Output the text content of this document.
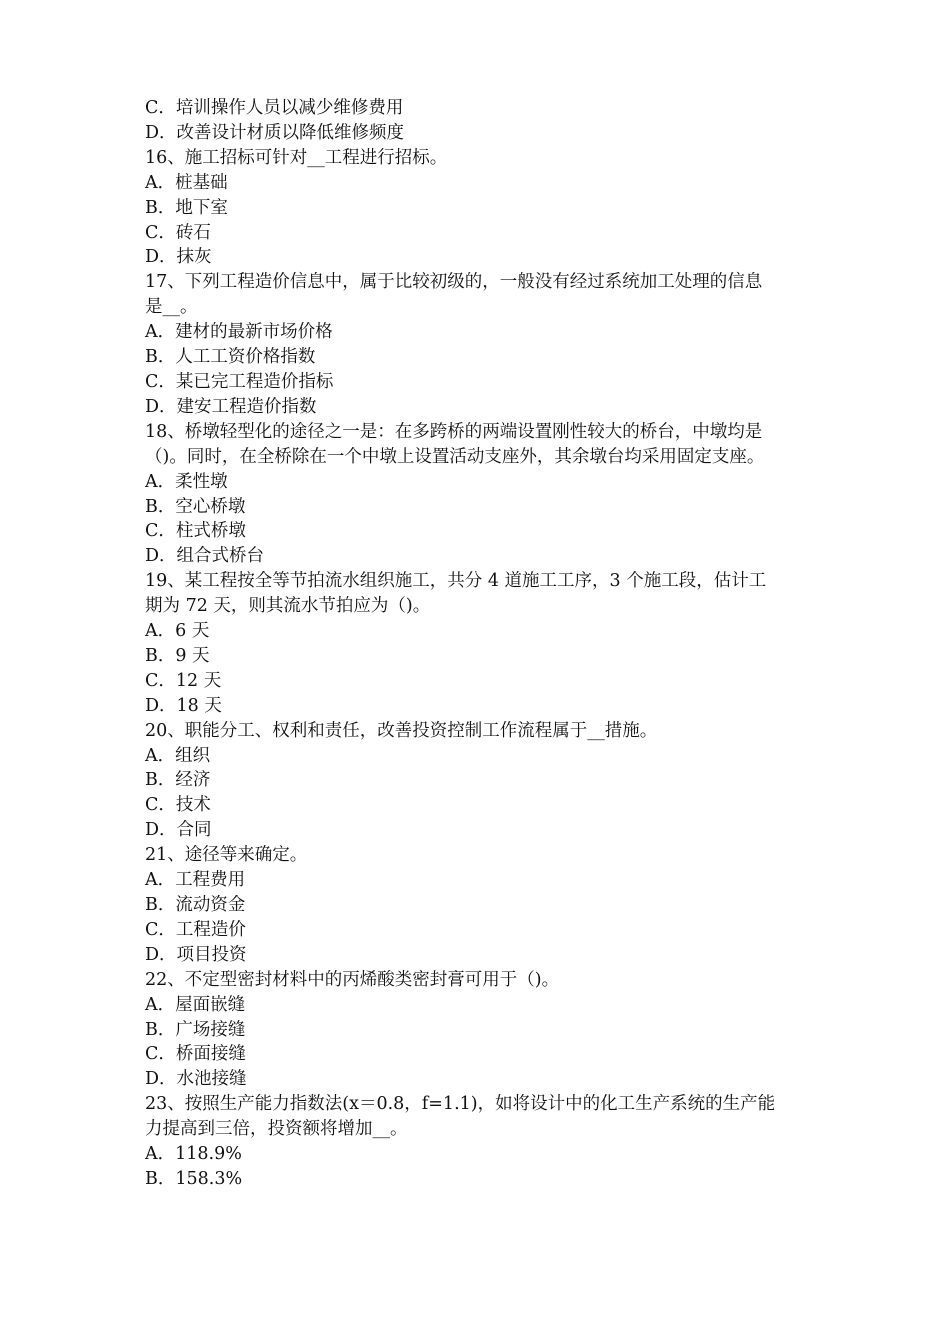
C．培训操作人员以减少维修费用
D．改善设计材质以降低维修频度
16、施工招标可针对__工程进行招标。
A．桩基础
B．地下室
C．砖石
D．抹灰
17、下列工程造价信息中，属于比较初级的，一般没有经过系统加工处理的信息
是__。
A．建材的最新市场价格
B．人工工资价格指数
C．某已完工程造价指标
D．建安工程造价指数
18、桥墩轻型化的途径之一是：在多跨桥的两端设置刚性较大的桥台，中墩均是
（)。同时，在全桥除在一个中墩上设置活动支座外，其余墩台均采用固定支座。
A．柔性墩
B．空心桥墩
C．柱式桥墩
D．组合式桥台
19、某工程按全等节拍流水组织施工，共分 4 道施工工序，3 个施工段，估计工
期为 72 天，则其流水节拍应为（)。
A．6 天
B．9 天
C．12 天
D．18 天
20、职能分工、权利和责任，改善投资控制工作流程属于__措施。
A．组织
B．经济
C．技术
D．合同
21、途径等来确定。
A．工程费用
B．流动资金
C．工程造价
D．项目投资
22、不定型密封材料中的丙烯酸类密封膏可用于（)。
A．屋面嵌缝
B．广场接缝
C．桥面接缝
D．水池接缝
23、按照生产能力指数法(x＝0.8，f=1.1)，如将设计中的化工生产系统的生产能
力提高到三倍，投资额将增加__。
A．118.9%
B．158.3%
